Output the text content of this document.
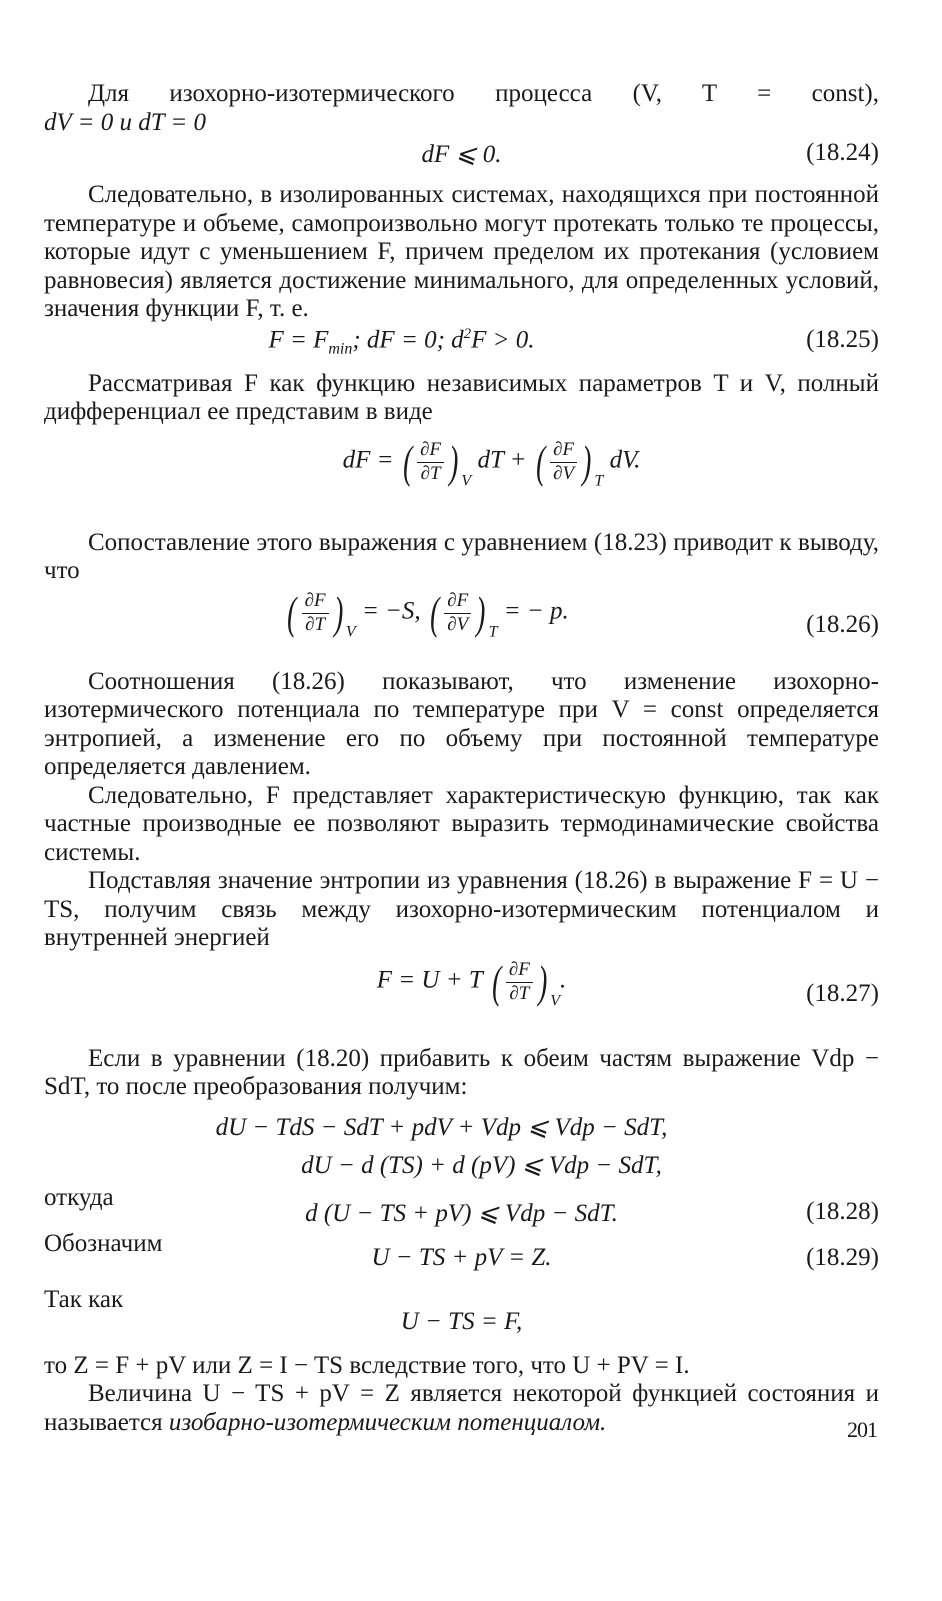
Для изохорно-изотермического процесса (V, T = const),

dV = 0 и dT = 0

dF ⩽ 0.	(18.24)

Следовательно, в изолированных системах, находящихся при постоянной температуре и объеме, самопроизвольно могут протекать только те процессы, которые идут с уменьшением F, причем пределом их протекания (условием равновесия) является достижение минимального, для определенных условий, значения функции F, т. е.

$F = F_{min}$; dF = 0; $d^2F > 0$.	(18.25)

Рассматривая F как функцию независимых параметров T и V, полный дифференциал ее представим в виде

dF = ( $\frac{\partial F}{\partial T}$ ) $_V$ dT + ( $\frac{\partial F}{\partial V}$ ) $_T$ dV.

Сопоставление этого выражения с уравнением (18.23) приводит к выводу, что

( $\frac{\partial F}{\partial T}$ ) $_V$ = −S, ( $\frac{\partial F}{\partial V}$ ) $_T$ = − p.	(18.26)

Соотношения (18.26) показывают, что изменение изохорно-изотермического потенциала по температуре при V = const определяется энтропией, а изменение его по объему при постоянной температуре определяется давлением.

Следовательно, F представляет характеристическую функцию, так как частные производные ее позволяют выразить термодинамические свойства системы.

Подставляя значение энтропии из уравнения (18.26) в выражение F = U − TS, получим связь между изохорно-изотермическим потенциалом и внутренней энергией

F = U + T ( $\frac{\partial F}{\partial T}$ ) $_V$.	(18.27)

Если в уравнении (18.20) прибавить к обеим частям выражение Vdp − SdT, то после преобразования получим:

dU − TdS − SdT + pdV + Vdp ⩽ Vdp − SdT,
dU − d (TS) + d (pV) ⩽ Vdp − SdT,
откуда
d (U − TS + pV) ⩽ Vdp − SdT.	(18.28)
Обозначим
U − TS + pV = Z.	(18.29)
Так как
U − TS = F,

то Z = F + pV или Z = I − TS вследствие того, что U + PV = I.

Величина U − TS + pV = Z является некоторой функцией состояния и называется изобарно-изотермическим потенциалом.	201
